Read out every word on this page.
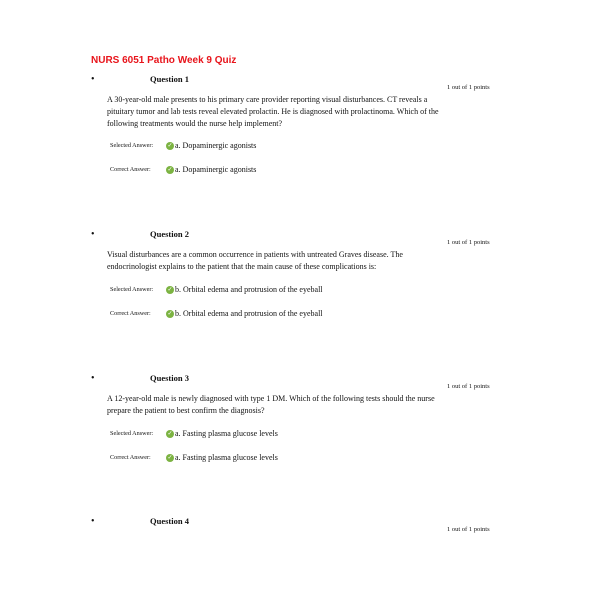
NURS 6051 Patho Week 9 Quiz
•	Question 1
1 out of 1 points
A 30-year-old male presents to his primary care provider reporting visual disturbances. CT reveals a pituitary tumor and lab tests reveal elevated prolactin. He is diagnosed with prolactinoma. Which of the following treatments would the nurse help implement?
Selected Answer:	✓ a. Dopaminergic agonists
Correct Answer:	✓ a. Dopaminergic agonists
•	Question 2
1 out of 1 points
Visual disturbances are a common occurrence in patients with untreated Graves disease. The endocrinologist explains to the patient that the main cause of these complications is:
Selected Answer:	✓ b. Orbital edema and protrusion of the eyeball
Correct Answer:	✓ b. Orbital edema and protrusion of the eyeball
•	Question 3
1 out of 1 points
A 12-year-old male is newly diagnosed with type 1 DM. Which of the following tests should the nurse prepare the patient to best confirm the diagnosis?
Selected Answer:	✓ a. Fasting plasma glucose levels
Correct Answer:	✓ a. Fasting plasma glucose levels
•	Question 4
1 out of 1 points
